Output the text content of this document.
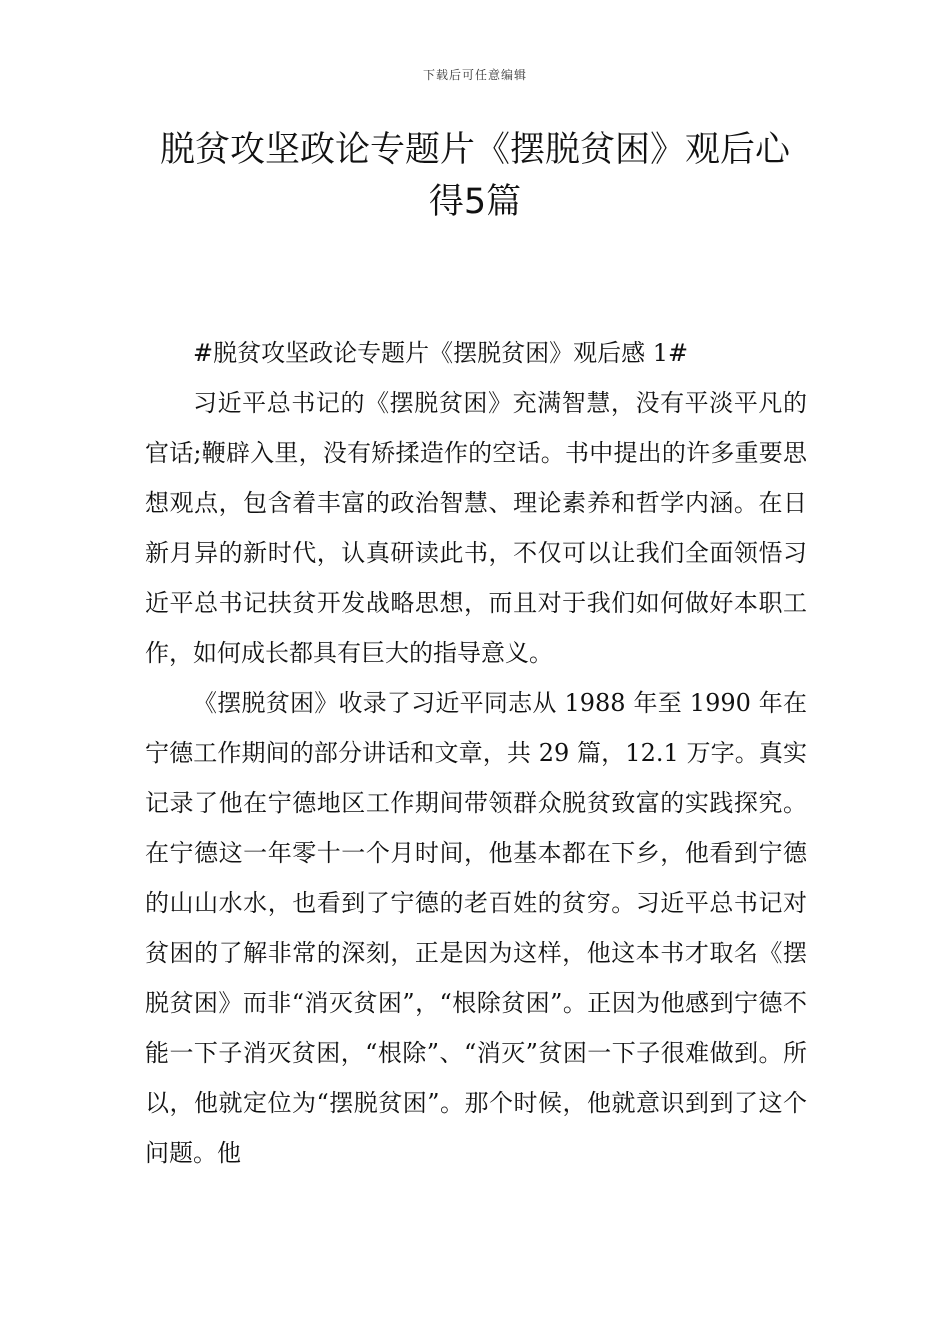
下载后可任意编辑
脱贫攻坚政论专题片《摆脱贫困》观后心
得5篇

#脱贫攻坚政论专题片《摆脱贫困》观后感 1#

习近平总书记的《摆脱贫困》充满智慧，没有平淡平凡的官话;鞭辟入里，没有矫揉造作的空话。书中提出的许多重要思想观点，包含着丰富的政治智慧、理论素养和哲学内涵。在日新月异的新时代，认真研读此书，不仅可以让我们全面领悟习近平总书记扶贫开发战略思想，而且对于我们如何做好本职工作，如何成长都具有巨大的指导意义。

《摆脱贫困》收录了习近平同志从 1988 年至 1990 年在宁德工作期间的部分讲话和文章，共 29 篇，12.1 万字。真实记录了他在宁德地区工作期间带领群众脱贫致富的实践探究。在宁德这一年零十一个月时间，他基本都在下乡，他看到宁德的山山水水，也看到了宁德的老百姓的贫穷。习近平总书记对贫困的了解非常的深刻，正是因为这样，他这本书才取名《摆脱贫困》而非“消灭贫困”，“根除贫困”。正因为他感到宁德不能一下子消灭贫困，“根除”、“消灭”贫困一下子很难做到。所以，他就定位为“摆脱贫困”。那个时候，他就意识到到了这个问题。他
